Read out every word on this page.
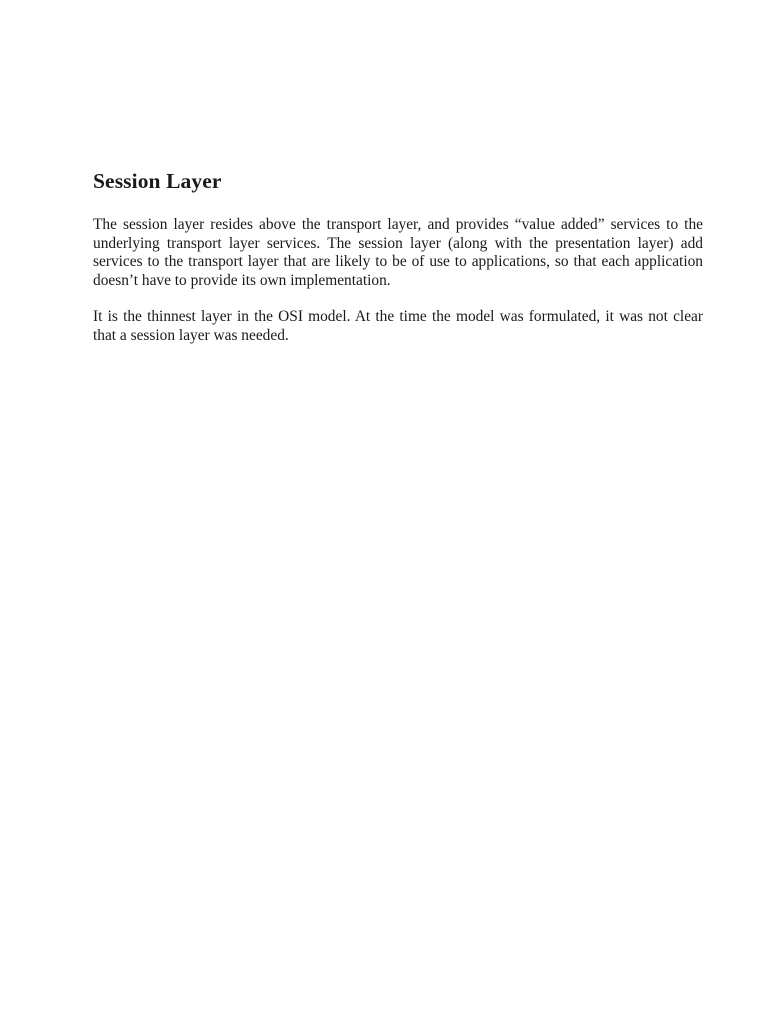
Session Layer

The session layer resides above the transport layer, and provides “value added” services to the underlying transport layer services. The session layer (along with the presentation layer) add services to the transport layer that are likely to be of use to applications, so that each application doesn’t have to provide its own implementation.

It is the thinnest layer in the OSI model. At the time the model was formulated, it was not clear that a session layer was needed.
